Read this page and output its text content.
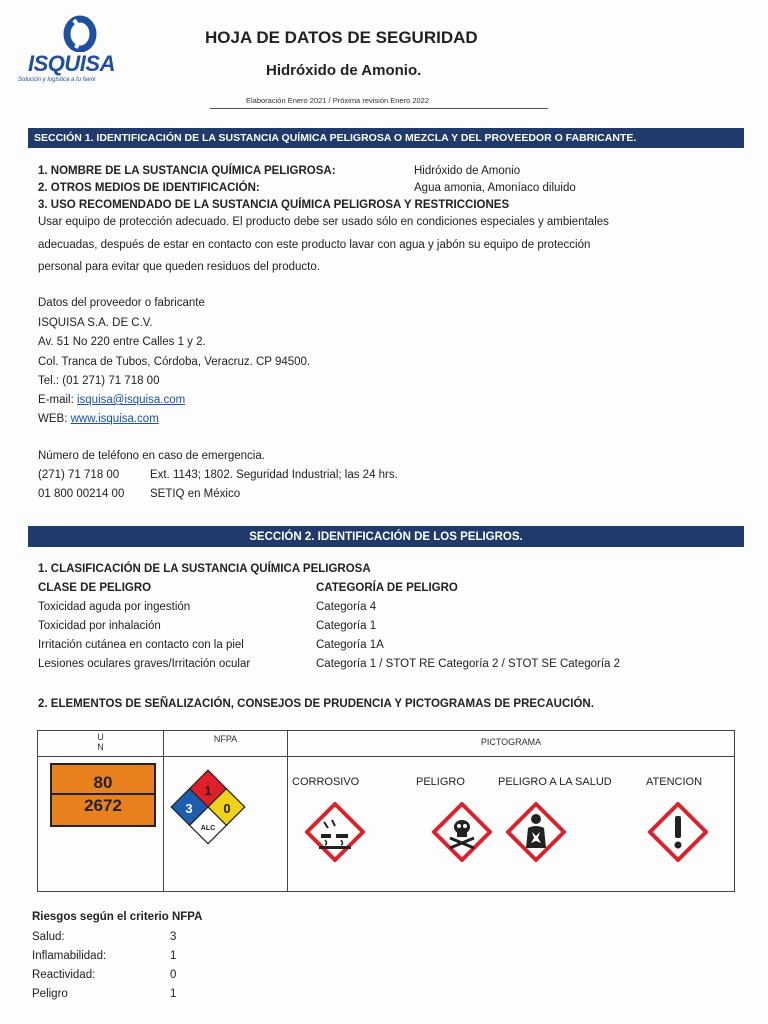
ISQUISA
Solución y logística a tu favor
HOJA DE DATOS DE SEGURIDAD
Hidróxido de Amonio.
Elaboración Enero 2021 / Próxima revisión Enero 2022
SECCIÓN 1. IDENTIFICACIÓN DE LA SUSTANCIA QUÍMICA PELIGROSA O MEZCLA Y DEL PROVEEDOR O FABRICANTE.
1. NOMBRE DE LA SUSTANCIA QUÍMICA PELIGROSA:	Hidróxido de Amonio
2. OTROS MEDIOS DE IDENTIFICACIÓN:	Agua amonia, Amoníaco diluido
3. USO RECOMENDADO DE LA SUSTANCIA QUÍMICA PELIGROSA Y RESTRICCIONES
Usar equipo de protección adecuado. El producto debe ser usado sólo en condiciones especiales y ambientales
adecuadas, después de estar en contacto con este producto lavar con agua y jabón su equipo de protección
personal para evitar que queden residuos del producto.
Datos del proveedor o fabricante
ISQUISA S.A. DE C.V.
Av. 51 No 220 entre Calles 1 y 2.
Col. Tranca de Tubos, Córdoba, Veracruz. CP 94500.
Tel.: (01 271) 71 718 00
E-mail: isquisa@isquisa.com
WEB: www.isquisa.com
Número de teléfono en caso de emergencia.
(271) 71 718 00	Ext. 1143; 1802. Seguridad Industrial; las 24 hrs.
01 800 00214 00 SETIQ en México
SECCIÓN 2. IDENTIFICACIÓN DE LOS PELIGROS.
1. CLASIFICACIÓN DE LA SUSTANCIA QUÍMICA PELIGROSA
CLASE DE PELIGRO	CATEGORÍA DE PELIGRO
Toxicidad aguda por ingestión	Categoría 4
Toxicidad por inhalación	Categoría 1
Irritación cutánea en contacto con la piel	Categoría 1A
Lesiones oculares graves/Irritación ocular	Categoría 1 / STOT RE Categoría 2 / STOT SE Categoría 2
2. ELEMENTOS DE SEÑALIZACIÓN, CONSEJOS DE PRUDENCIA Y PICTOGRAMAS DE PRECAUCIÓN.
U
N	NFPA	PICTOGRAMA

80
2672
1
3 0
ALC
CORROSIVO	PELIGRO	PELIGRO A LA SALUD	ATENCION
Riesgos según el criterio NFPA
Salud:	3
Inflamabilidad:	1
Reactividad:	0
Peligro	1
